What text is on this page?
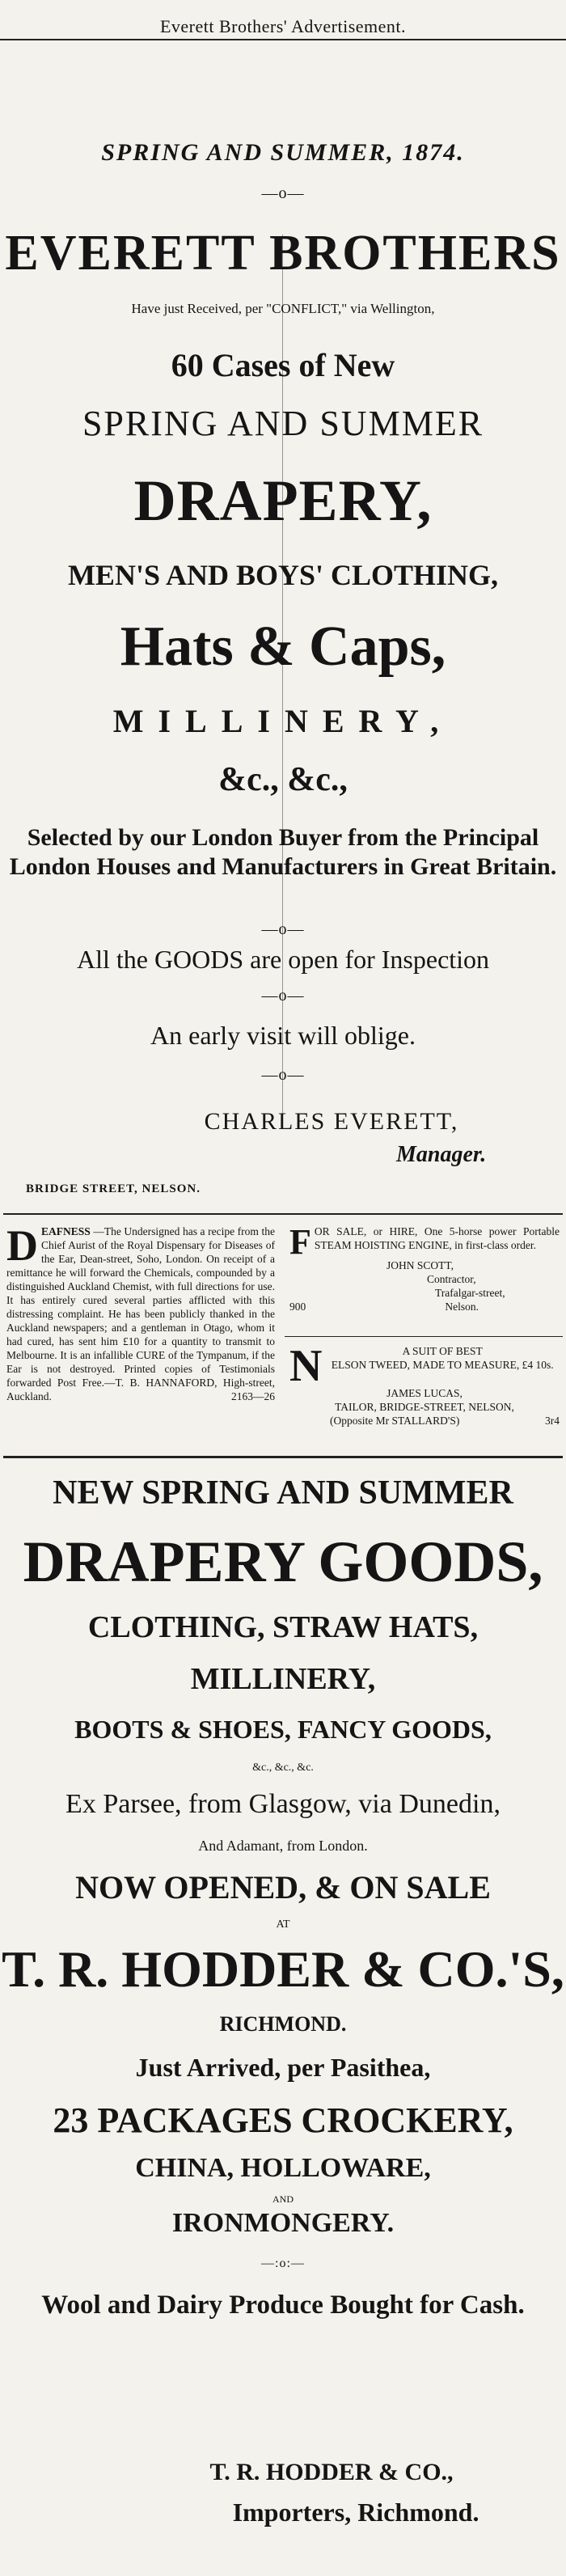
Everett Brothers' Advertisement.
SPRING AND SUMMER, 1874.
—o—
EVERETT BROTHERS
Have just Received, per "CONFLICT," via Wellington,
60 Cases of New
SPRING AND SUMMER
DRAPERY,
MEN'S AND BOYS' CLOTHING,
Hats & Caps,
MILLINERY,
&c., &c.,
Selected by our London Buyer from the Principal London Houses and Manufacturers in Great Britain.
—o—
All the GOODS are open for Inspection
—o—
An early visit will oblige.
—o—
CHARLES EVERETT,
Manager.
BRIDGE STREET, NELSON.
DEAFNESS —The Undersigned has a recipe from the Chief Aurist of the Royal Dispensary for Diseases of the Ear, Dean-street, Soho, London. On receipt of a remittance he will forward the Chemicals, compounded by a distinguished Auckland Chemist, with full directions for use. It has entirely cured several parties afflicted with this distressing complaint. He has been publicly thanked in the Auckland newspapers; and a gentleman in Otago, whom it had cured, has sent him £10 for a quantity to transmit to Melbourne. It is an infallible CURE of the Tympanum, if the Ear is not destroyed. Printed copies of Testimonials forwarded Post Free.—T. B. HANNAFORD, High-street, Auckland.	2163—26
F OR SALE, or HIRE, One 5-horse power Portable STEAM HOISTING ENGINE, in first-class order.
JOHN SCOTT,
Contractor,
Trafalgar-street,
900	Nelson.
N	A SUIT OF BEST
ELSON TWEED, MADE TO MEASURE, £4 10s.
JAMES LUCAS,
TAILOR, BRIDGE-STREET, NELSON,
(Opposite Mr STALLARD'S)	3r4
NEW SPRING AND SUMMER
DRAPERY GOODS,
CLOTHING, STRAW HATS,
MILLINERY,
BOOTS & SHOES, FANCY GOODS,
&c., &c., &c.
Ex Parsee, from Glasgow, via Dunedin,
And Adamant, from London.
NOW OPENED, & ON SALE
AT
T. R. HODDER & CO.'S,
RICHMOND.
Just Arrived, per Pasithea,
23 PACKAGES CROCKERY,
CHINA, HOLLOWARE,
AND
IRONMONGERY.
—:o:—
Wool and Dairy Produce Bought for Cash.
T. R. HODDER & CO.,
Importers, Richmond.
